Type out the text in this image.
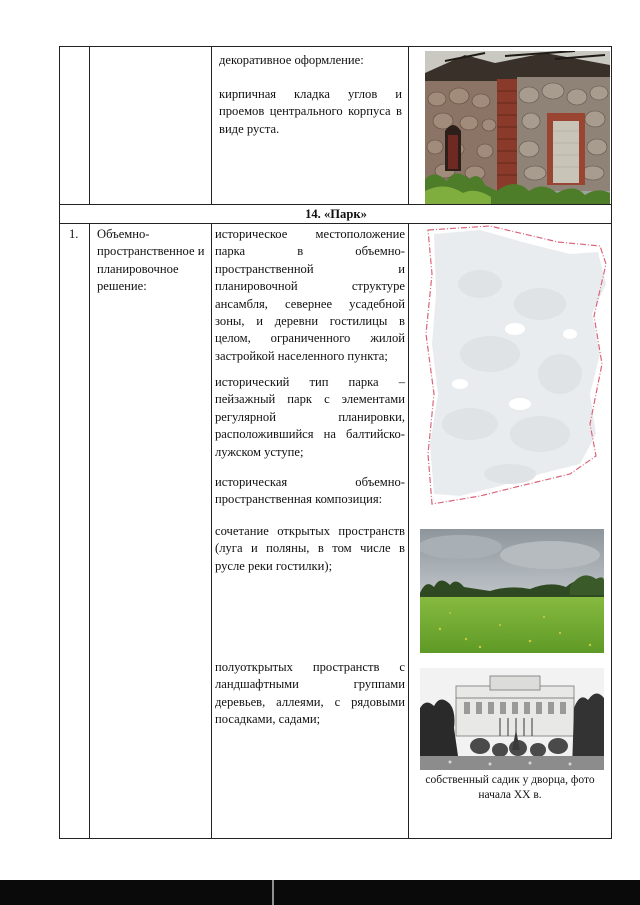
декоративное оформление:

кирпичная кладка углов и проемов центрального корпуса в виде руста.

14. «Парк»

1.	Объемно-пространственное и планировочное решение:

историческое местоположение парка в объемно-пространственной и планировочной структуре ансамбля, севернее усадебной зоны, и деревни гостилицы в целом, ограниченного жилой застройкой населенного пункта;

исторический тип парка – пейзажный парк с элементами регулярной планировки, расположившийся на балтийско-лужском уступе;

историческая объемно-пространственная композиция:

сочетание открытых пространств (луга и поляны, в том числе в русле реки гостилки);

полуоткрытых пространств с ландшафтными группами деревьев, аллеями, с рядовыми посадками, садами;

собственный садик у дворца, фото начала XX в.
